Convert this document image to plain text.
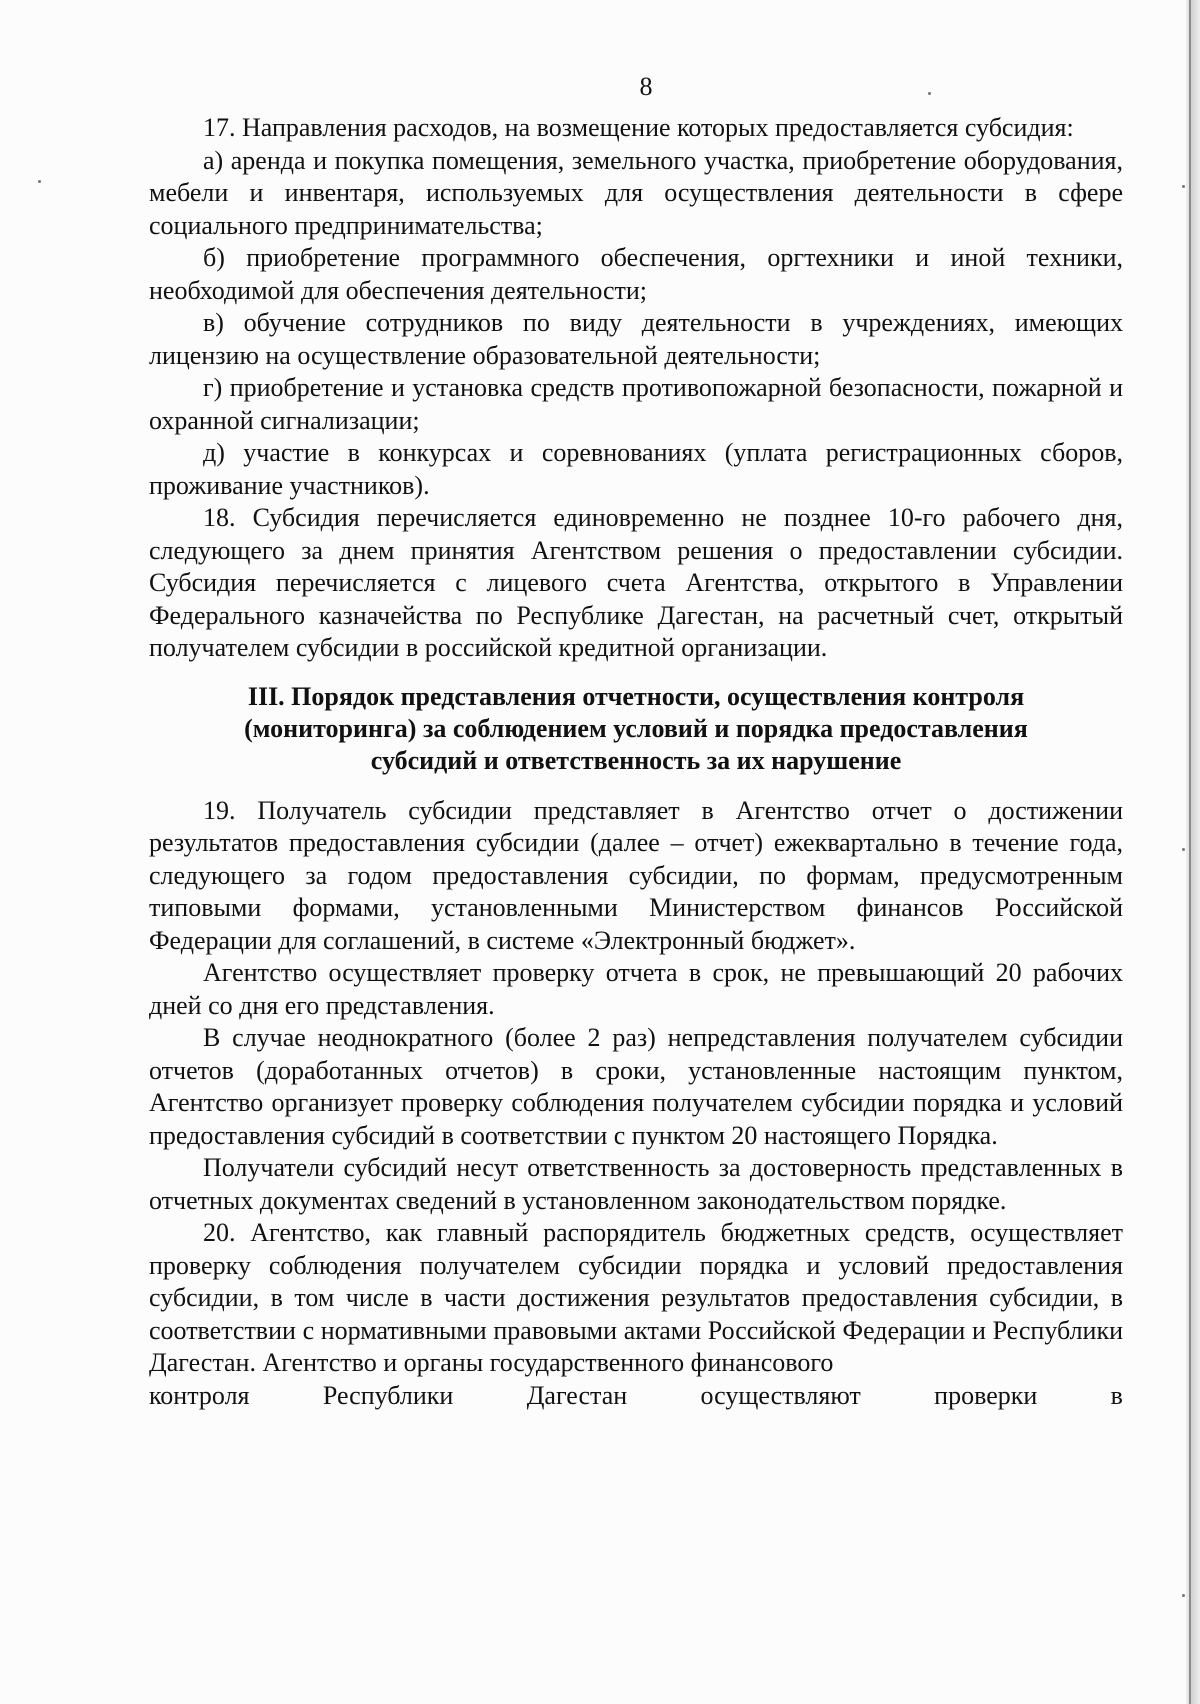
8

17. Направления расходов, на возмещение которых предоставляется субсидия:

а) аренда и покупка помещения, земельного участка, приобретение оборудования, мебели и инвентаря, используемых для осуществления деятельности в сфере социального предпринимательства;

б) приобретение программного обеспечения, оргтехники и иной техники, необходимой для обеспечения деятельности;

в) обучение сотрудников по виду деятельности в учреждениях, имеющих лицензию на осуществление образовательной деятельности;

г) приобретение и установка средств противопожарной безопасности, пожарной и охранной сигнализации;

д) участие в конкурсах и соревнованиях (уплата регистрационных сборов, проживание участников).

18. Субсидия перечисляется единовременно не позднее 10-го рабочего дня, следующего за днем принятия Агентством решения о предоставлении субсидии. Субсидия перечисляется с лицевого счета Агентства, открытого в Управлении Федерального казначейства по Республике Дагестан, на расчетный счет, открытый получателем субсидии в российской кредитной организации.

III. Порядок представления отчетности, осуществления контроля
(мониторинга) за соблюдением условий и порядка предоставления
субсидий и ответственность за их нарушение

19. Получатель субсидии представляет в Агентство отчет о достижении результатов предоставления субсидии (далее – отчет) ежеквартально в течение года, следующего за годом предоставления субсидии, по формам, предусмотренным типовыми формами, установленными Министерством финансов Российской Федерации для соглашений, в системе «Электронный бюджет».

Агентство осуществляет проверку отчета в срок, не превышающий 20 рабочих дней со дня его представления.

В случае неоднократного (более 2 раз) непредставления получателем субсидии отчетов (доработанных отчетов) в сроки, установленные настоящим пунктом, Агентство организует проверку соблюдения получателем субсидии порядка и условий предоставления субсидий в соответствии с пунктом 20 настоящего Порядка.

Получатели субсидий несут ответственность за достоверность представленных в отчетных документах сведений в установленном законодательством порядке.

20. Агентство, как главный распорядитель бюджетных средств, осуществляет проверку соблюдения получателем субсидии порядка и условий предоставления субсидии, в том числе в части достижения результатов предоставления субсидии, в соответствии с нормативными правовыми актами Российской Федерации и Республики Дагестан. Агентство и органы государственного финансового

контроля	Республики	Дагестан	осуществляют	проверки	в
